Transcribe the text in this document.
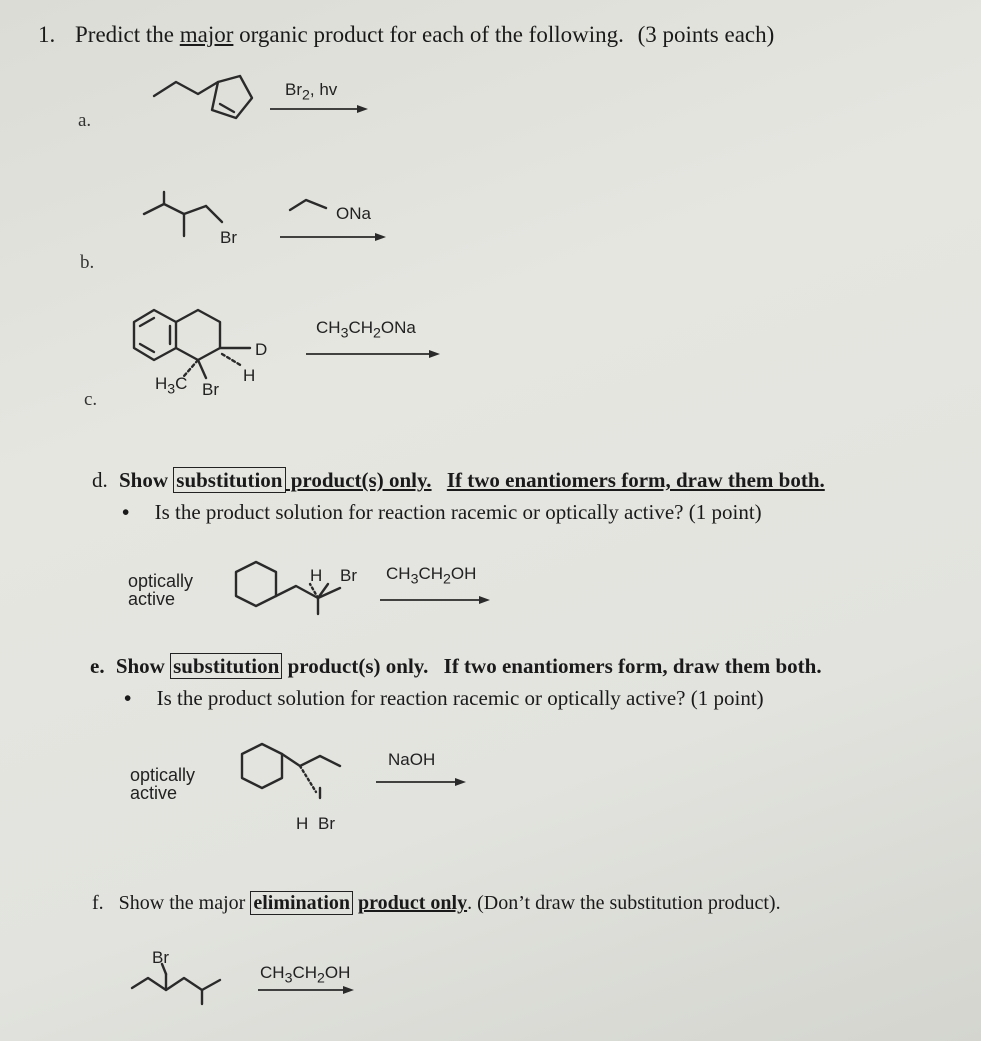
1. Predict the major organic product for each of the following. (3 points each)
a.
$Br_2$, hv
b.
Br
ONa
c.
D
H
Br
$H_3C$
$CH_3CH_2ONa$
d. Show substitution product(s) only. If two enantiomers form, draw them both.
• Is the product solution for reaction racemic or optically active? (1 point)
optically
active
H Br $CH_3CH_2OH$
e. Show substitution product(s) only. If two enantiomers form, draw them both.
• Is the product solution for reaction racemic or optically active? (1 point)
optically
active
H Br
NaOH
f. Show the major elimination product only. (Don’t draw the substitution product).
Br
$CH_3CH_2OH$
